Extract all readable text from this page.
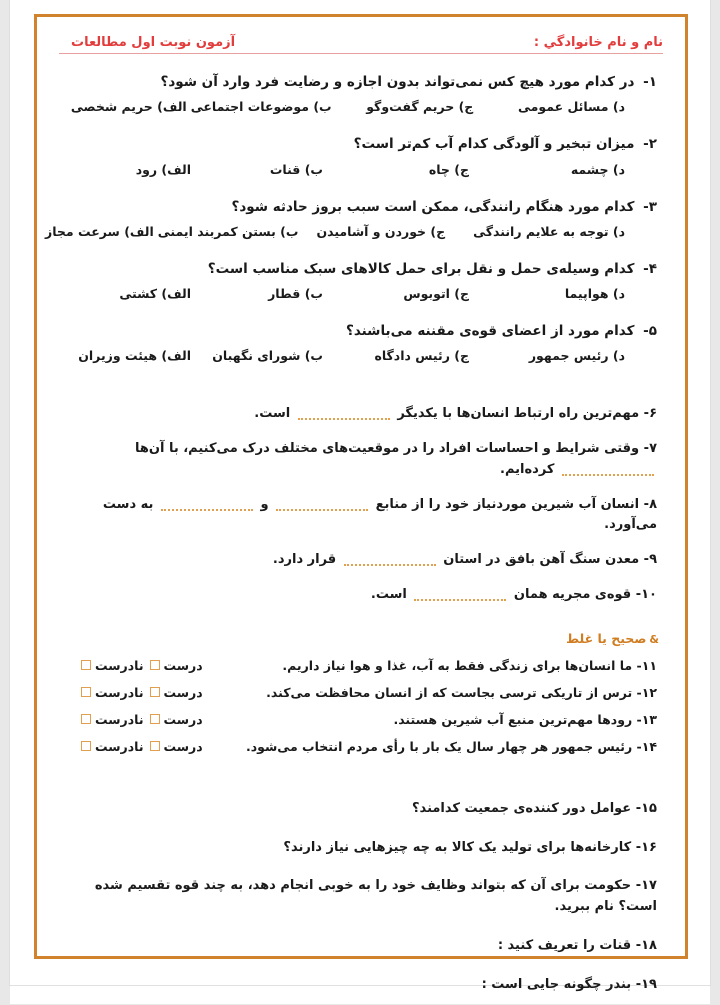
نام و نام خانوادگي :
آزمون نوبت اول مطالعات
۱- در کدام مورد هیچ کس نمی‌تواند بدون اجازه و رضایت فرد وارد آن شود؟
د) مسائل عمومی
ج) حریم گفت‌وگو
ب) موضوعات اجتماعی
الف) حریم شخصی
۲- میزان تبخیر و آلودگی کدام آب کم‌تر است؟
د) چشمه
ج) چاه
ب) قنات
الف) رود
۳- کدام مورد هنگام رانندگی، ممکن است سبب بروز حادثه شود؟
د) توجه به علایم رانندگی
ج) خوردن و آشامیدن
ب) بستن کمربند ایمنی
الف) سرعت مجاز
۴- کدام وسیله‌ی حمل و نقل برای حمل کالاهای سبک مناسب است؟
د) هواپیما
ج) اتوبوس
ب) قطار
الف) کشتی
۵- کدام مورد از اعضای قوه‌ی مقننه می‌باشند؟
د) رئیس جمهور
ج) رئیس دادگاه
ب) شورای نگهبان
الف) هیئت وزیران
۶- مهم‌ترین راه ارتباط انسان‌ها با یکدیگر  است.
۷- وقتی شرایط و احساسات افراد را در موقعیت‌های مختلف درک می‌کنیم، با آن‌ها  کرده‌ایم.
۸- انسان آب شیرین موردنیاز خود را از منابع  و  به دست می‌آورد.
۹- معدن سنگ آهن بافق در استان  قرار دارد.
۱۰- قوه‌ی مجریه همان  است.
&صحیح یا غلط
۱۱- ما انسان‌ها برای زندگی فقط به آب، غذا و هوا نیاز داریم.
درست
نادرست
۱۲- ترس از تاریکی ترسی بجاست که از انسان محافظت می‌کند.
درست
نادرست
۱۳- رودها مهم‌ترین منبع آب شیرین هستند.
درست
نادرست
۱۴- رئیس جمهور هر چهار سال یک بار با رأی مردم انتخاب می‌شود.
درست
نادرست
۱۵- عوامل دور کننده‌ی جمعیت کدامند؟
۱۶- کارخانه‌ها برای تولید یک کالا به چه چیزهایی نیاز دارند؟
۱۷- حکومت برای آن که بتواند وظایف خود را به خوبی انجام دهد، به چند قوه تقسیم شده است؟ نام ببرید.
۱۸- قنات را تعریف کنید :
۱۹- بندر چگونه جایی است :
